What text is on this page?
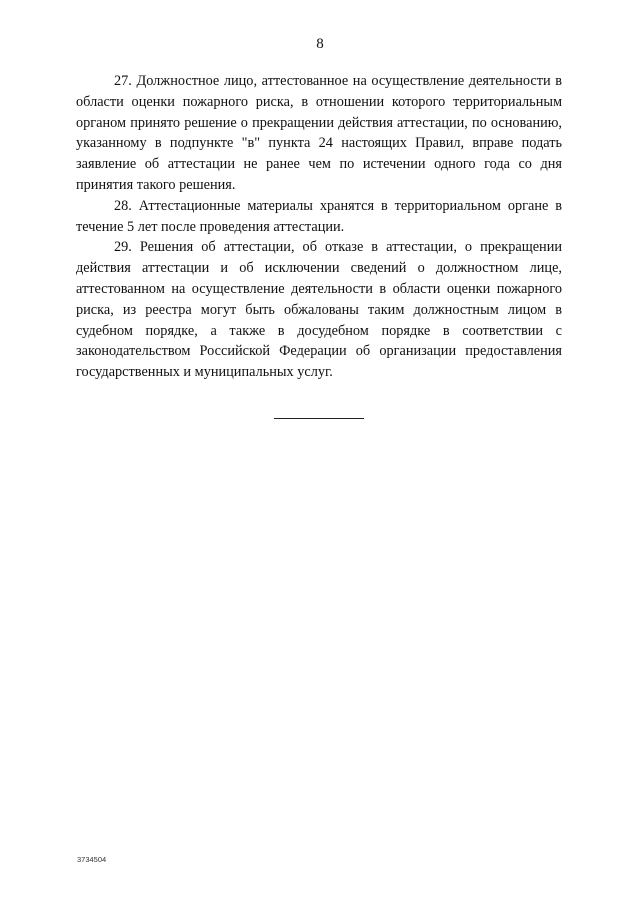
8

27. Должностное лицо, аттестованное на осуществление деятельности в области оценки пожарного риска, в отношении которого территориальным органом принято решение о прекращении действия аттестации, по основанию, указанному в подпункте "в" пункта 24 настоящих Правил, вправе подать заявление об аттестации не ранее чем по истечении одного года со дня принятия такого решения.

28. Аттестационные материалы хранятся в территориальном органе в течение 5 лет после проведения аттестации.

29. Решения об аттестации, об отказе в аттестации, о прекращении действия аттестации и об исключении сведений о должностном лице, аттестованном на осуществление деятельности в области оценки пожарного риска, из реестра могут быть обжалованы таким должностным лицом в судебном порядке, а также в досудебном порядке в соответствии с законодательством Российской Федерации об организации предоставления государственных и муниципальных услуг.

3734504
